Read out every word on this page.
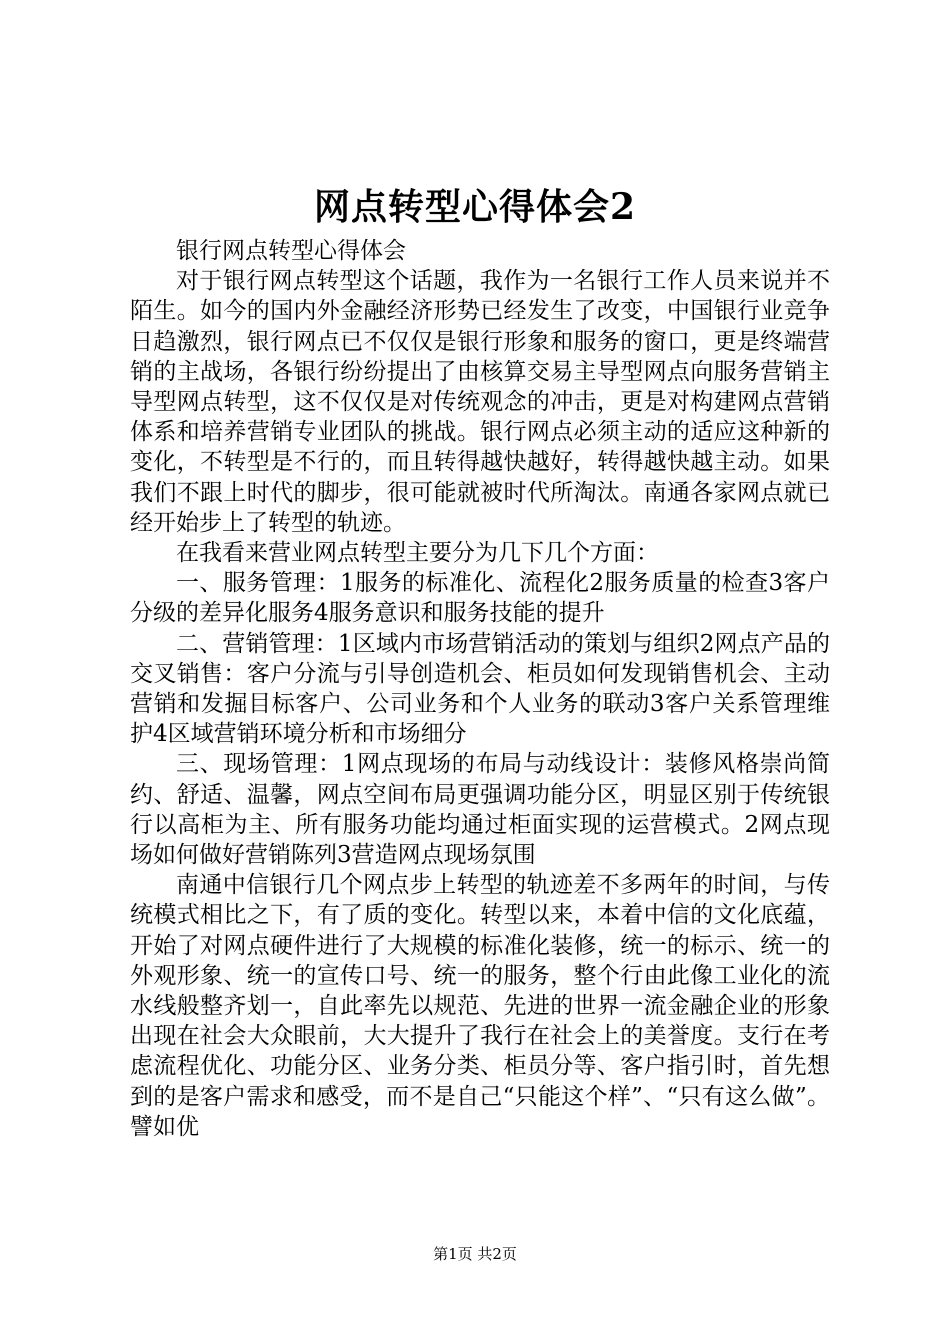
网点转型心得体会2

银行网点转型心得体会

对于银行网点转型这个话题，我作为一名银行工作人员来说并不陌生。如今的国内外金融经济形势已经发生了改变，中国银行业竞争日趋激烈，银行网点已不仅仅是银行形象和服务的窗口，更是终端营销的主战场，各银行纷纷提出了由核算交易主导型网点向服务营销主导型网点转型，这不仅仅是对传统观念的冲击，更是对构建网点营销体系和培养营销专业团队的挑战。银行网点必须主动的适应这种新的变化，不转型是不行的，而且转得越快越好，转得越快越主动。如果我们不跟上时代的脚步，很可能就被时代所淘汰。南通各家网点就已经开始步上了转型的轨迹。

在我看来营业网点转型主要分为几下几个方面：

一、服务管理：1服务的标准化、流程化2服务质量的检查3客户分级的差异化服务4服务意识和服务技能的提升

二、营销管理：1区域内市场营销活动的策划与组织2网点产品的交叉销售：客户分流与引导创造机会、柜员如何发现销售机会、主动营销和发掘目标客户、公司业务和个人业务的联动3客户关系管理维护4区域营销环境分析和市场细分

三、现场管理：1网点现场的布局与动线设计：装修风格崇尚简约、舒适、温馨，网点空间布局更强调功能分区，明显区别于传统银行以高柜为主、所有服务功能均通过柜面实现的运营模式。2网点现场如何做好营销陈列3营造网点现场氛围

南通中信银行几个网点步上转型的轨迹差不多两年的时间，与传统模式相比之下，有了质的变化。转型以来，本着中信的文化底蕴，开始了对网点硬件进行了大规模的标准化装修，统一的标示、统一的外观形象、统一的宣传口号、统一的服务，整个行由此像工业化的流水线般整齐划一，自此率先以规范、先进的世界一流金融企业的形象出现在社会大众眼前，大大提升了我行在社会上的美誉度。支行在考虑流程优化、功能分区、业务分类、柜员分等、客户指引时，首先想到的是客户需求和感受，而不是自己“只能这个样”、“只有这么做”。譬如优

第1页 共2页
